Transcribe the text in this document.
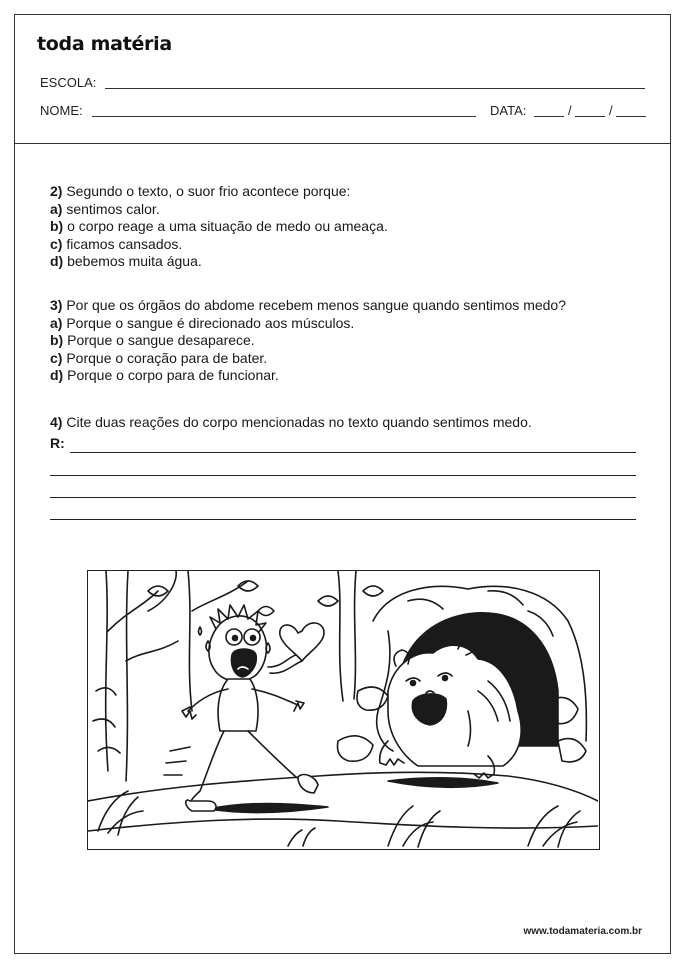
toda matéria
ESCOLA:
NOME:	DATA:	/	/
2) Segundo o texto, o suor frio acontece porque:
a) sentimos calor.
b) o corpo reage a uma situação de medo ou ameaça.
c) ficamos cansados.
d) bebemos muita água.
3) Por que os órgãos do abdome recebem menos sangue quando sentimos medo?
a) Porque o sangue é direcionado aos músculos.
b) Porque o sangue desaparece.
c) Porque o coração para de bater.
d) Porque o corpo para de funcionar.
4) Cite duas reações do corpo mencionadas no texto quando sentimos medo.
R:
www.todamateria.com.br
